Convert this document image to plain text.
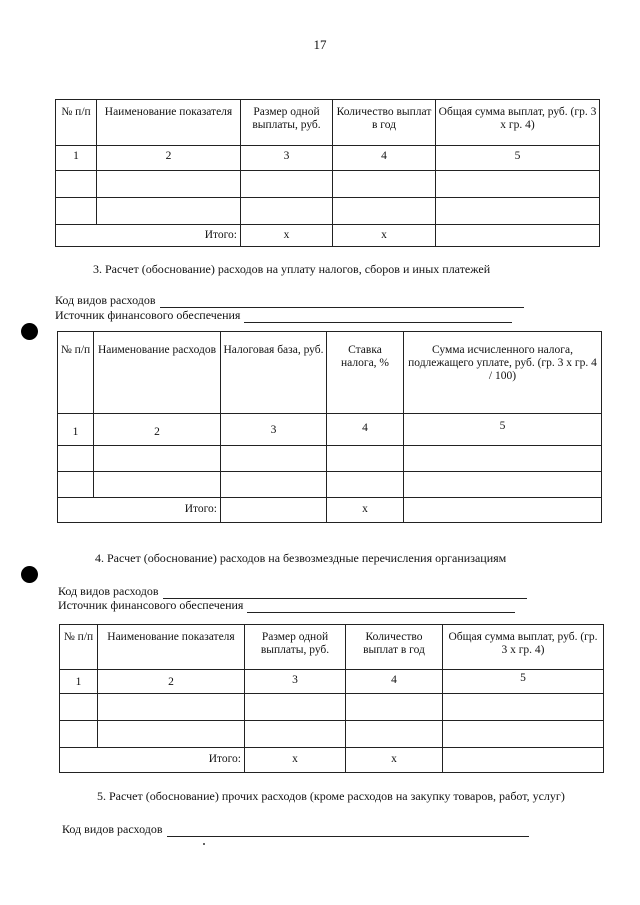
17
№ п/п	Наименование показателя	Размер одной выплаты, руб.	Количество выплат в год	Общая сумма выплат, руб. (гр. 3 х гр. 4)
1	2	3	4	5

	Итого:	x	x	
3. Расчет (обоснование) расходов на уплату налогов, сборов и иных платежей
Код видов расходов
Источник финансового обеспечения
№ п/п	Наименование расходов	Налоговая база, руб.	Ставка налога, %	Сумма исчисленного налога, подлежащего уплате, руб. (гр. 3 х гр. 4 / 100)
1	2	3	4	5

	Итого:		x	
4. Расчет (обоснование) расходов на безвозмездные перечисления организациям
Код видов расходов
Источник финансового обеспечения
№ п/п	Наименование показателя	Размер одной выплаты, руб.	Количество выплат в год	Общая сумма выплат, руб. (гр. 3 х гр. 4)
1	2	3	4	5

	Итого:	x	x	
5. Расчет (обоснование) прочих расходов (кроме расходов на закупку товаров, работ, услуг)
Код видов расходов
